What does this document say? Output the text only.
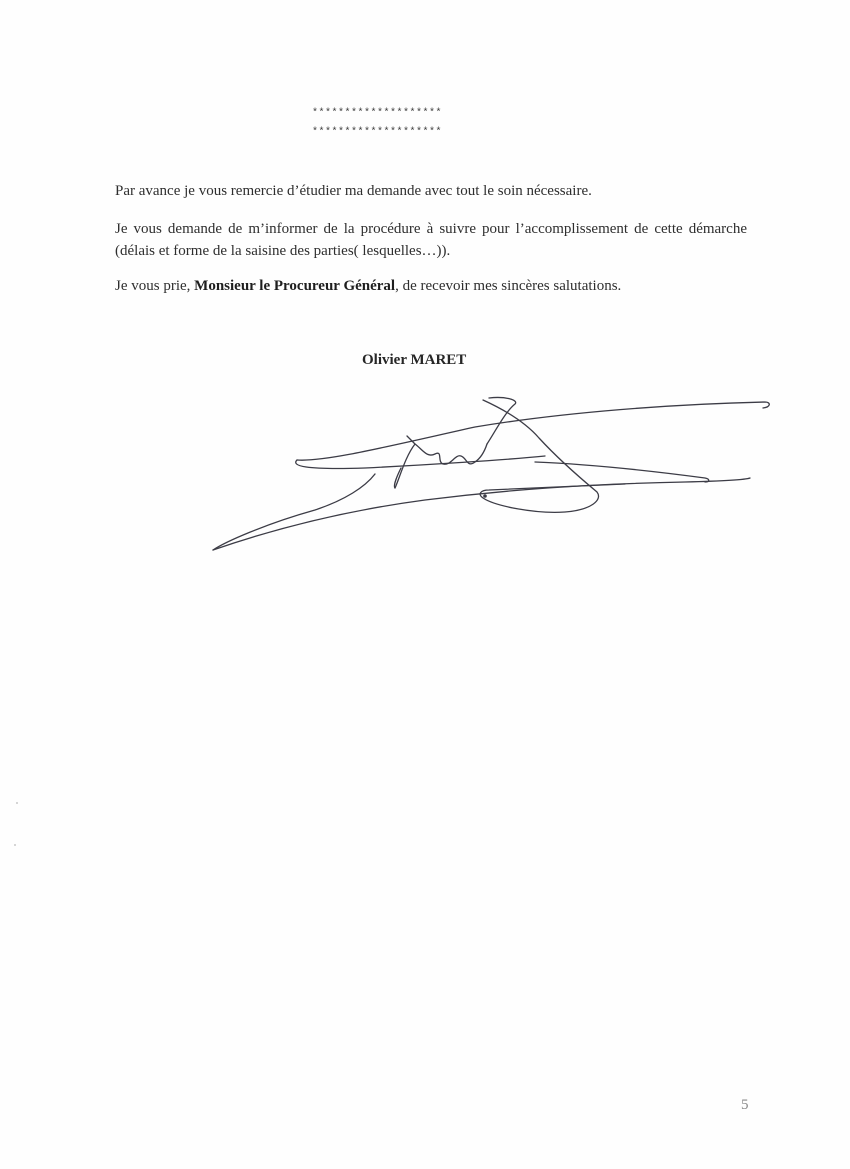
********************
********************
Par avance je vous remercie d’étudier ma demande avec tout le soin nécessaire.
Je vous demande de m’informer de la procédure à suivre pour l’accomplissement de cette démarche (délais et forme de la saisine des parties( lesquelles…)).
Je vous prie, Monsieur le Procureur Général, de recevoir mes sincères salutations.
Olivier MARET
5
